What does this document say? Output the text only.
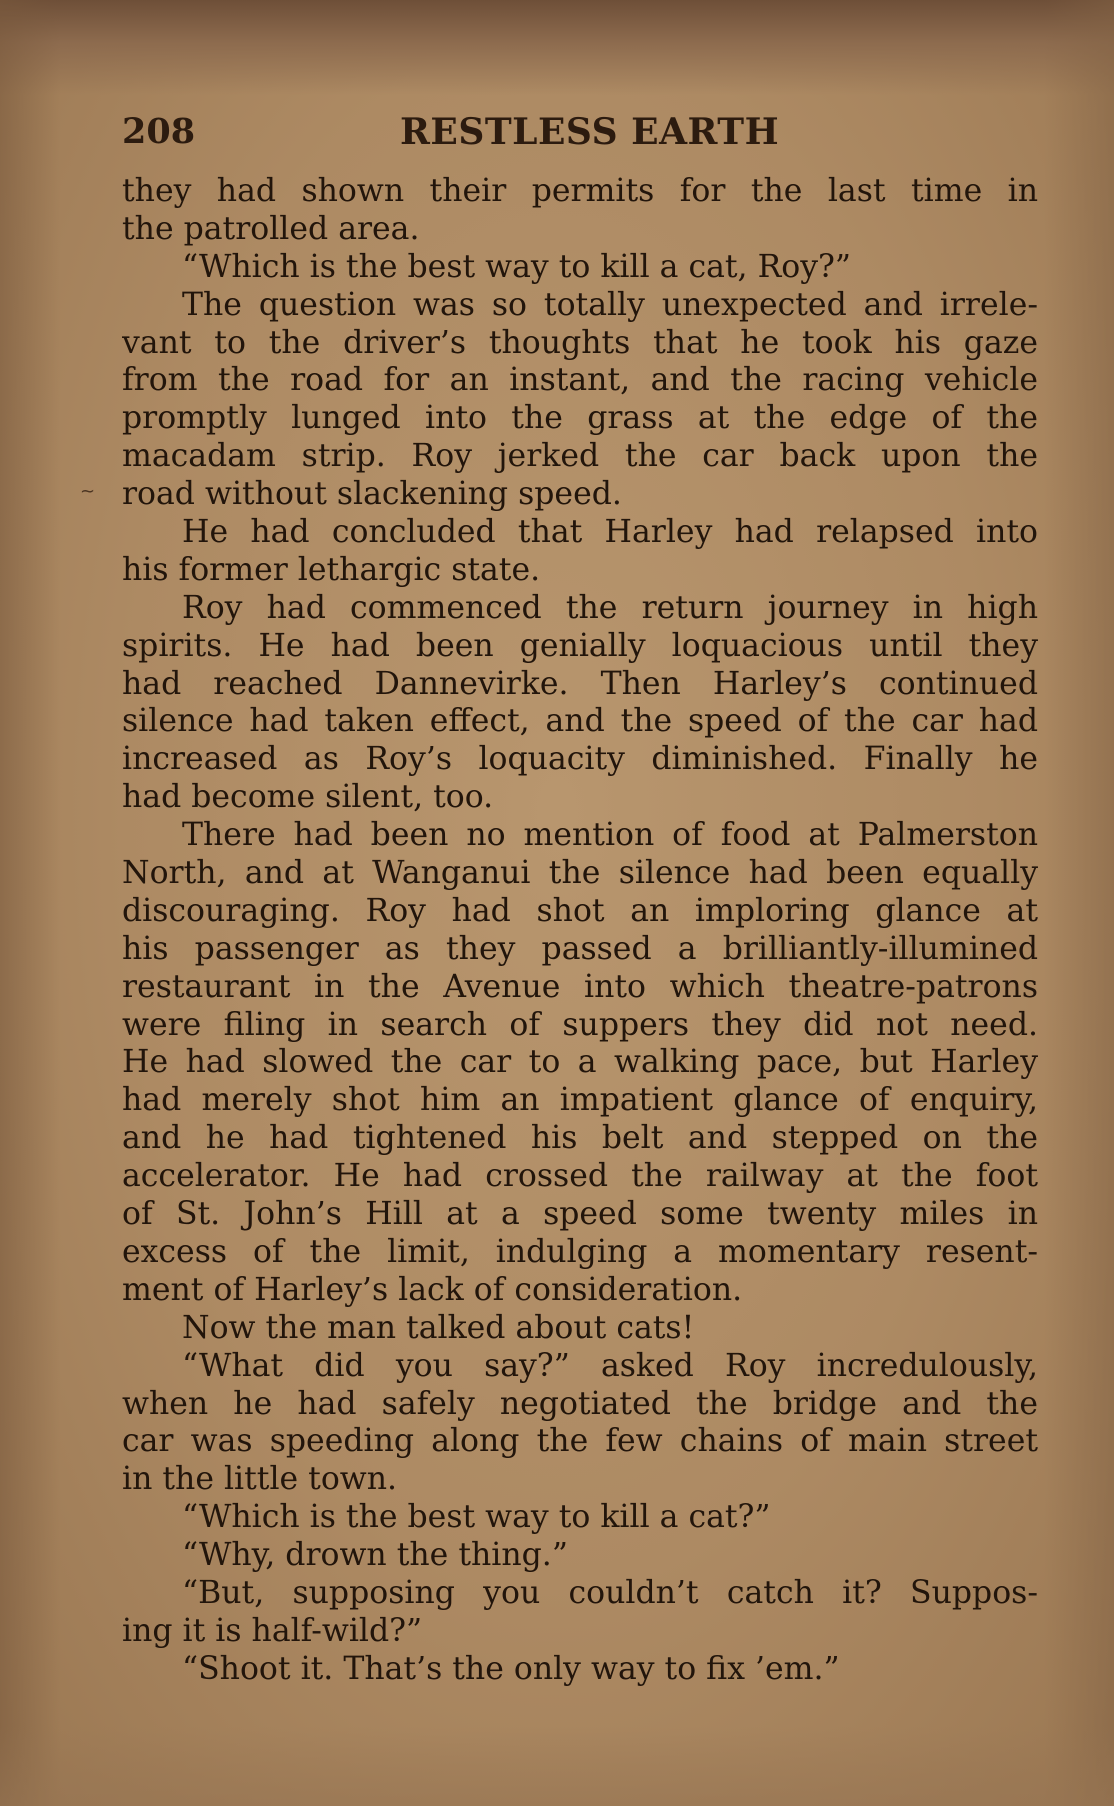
208	RESTLESS EARTH
~
they had shown their permits for the last time in
the patrolled area.
“Which is the best way to kill a cat, Roy?”
The question was so totally unexpected and irrele-
vant to the driver’s thoughts that he took his gaze
from the road for an instant, and the racing vehicle
promptly lunged into the grass at the edge of the
macadam strip. Roy jerked the car back upon the
road without slackening speed.
He had concluded that Harley had relapsed into
his former lethargic state.
Roy had commenced the return journey in high
spirits. He had been genially loquacious until they
had reached Dannevirke. Then Harley’s continued
silence had taken effect, and the speed of the car had
increased as Roy’s loquacity diminished. Finally he
had become silent, too.
There had been no mention of food at Palmerston
North, and at Wanganui the silence had been equally
discouraging. Roy had shot an imploring glance at
his passenger as they passed a brilliantly-illumined
restaurant in the Avenue into which theatre-patrons
were filing in search of suppers they did not need.
He had slowed the car to a walking pace, but Harley
had merely shot him an impatient glance of enquiry,
and he had tightened his belt and stepped on the
accelerator. He had crossed the railway at the foot
of St. John’s Hill at a speed some twenty miles in
excess of the limit, indulging a momentary resent-
ment of Harley’s lack of consideration.
Now the man talked about cats!
“What did you say?” asked Roy incredulously,
when he had safely negotiated the bridge and the
car was speeding along the few chains of main street
in the little town.
“Which is the best way to kill a cat?”
“Why, drown the thing.”
“But, supposing you couldn’t catch it? Suppos-
ing it is half-wild?”
“Shoot it. That’s the only way to fix ’em.”
